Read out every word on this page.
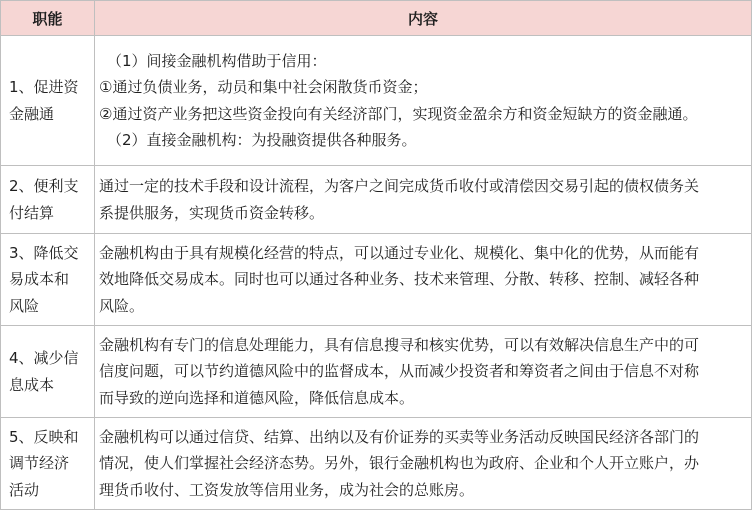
职能	内容

1、促进资
金融通	（1）间接金融机构借助于信用：
①通过负债业务，动员和集中社会闲散货币资金；
②通过资产业务把这些资金投向有关经济部门，实现资金盈余方和资金短缺方的资金融通。
（2）直接金融机构：为投融资提供各种服务。

2、便利支
付结算	通过一定的技术手段和设计流程，为客户之间完成货币收付或清偿因交易引起的债权债务关
系提供服务，实现货币资金转移。

3、降低交
易成本和
风险	金融机构由于具有规模化经营的特点，可以通过专业化、规模化、集中化的优势，从而能有
效地降低交易成本。同时也可以通过各种业务、技术来管理、分散、转移、控制、减轻各种
风险。

4、减少信
息成本	金融机构有专门的信息处理能力，具有信息搜寻和核实优势，可以有效解决信息生产中的可
信度问题，可以节约道德风险中的监督成本，从而减少投资者和筹资者之间由于信息不对称
而导致的逆向选择和道德风险，降低信息成本。

5、反映和
调节经济
活动	金融机构可以通过信贷、结算、出纳以及有价证券的买卖等业务活动反映国民经济各部门的
情况，使人们掌握社会经济态势。另外，银行金融机构也为政府、企业和个人开立账户，办
理货币收付、工资发放等信用业务，成为社会的总账房。
